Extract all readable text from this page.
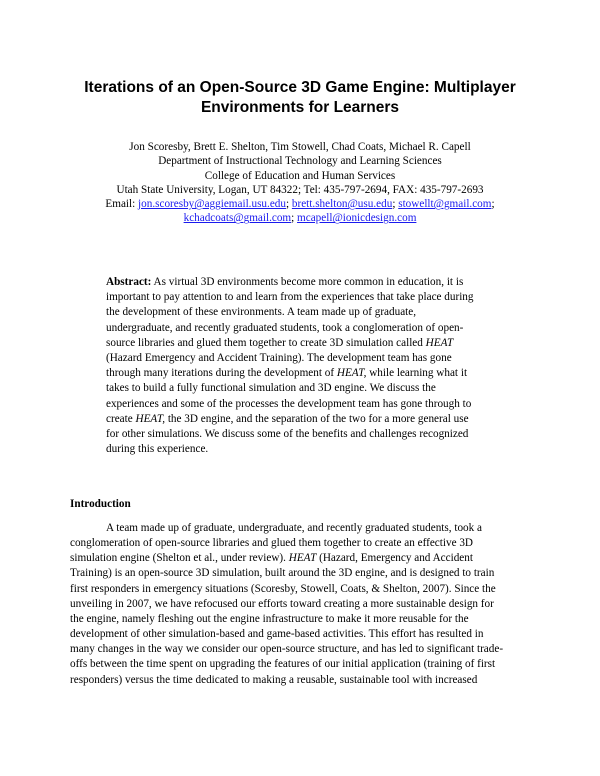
Iterations of an Open-Source 3D Game Engine: Multiplayer
Environments for Learners
Jon Scoresby, Brett E. Shelton, Tim Stowell, Chad Coats, Michael R. Capell
Department of Instructional Technology and Learning Sciences
College of Education and Human Services
Utah State University, Logan, UT 84322; Tel: 435-797-2694, FAX: 435-797-2693
Email: jon.scoresby@aggiemail.usu.edu; brett.shelton@usu.edu; stowellt@gmail.com;
kchadcoats@gmail.com; mcapell@ionicdesign.com
Abstract: As virtual 3D environments become more common in education, it is
important to pay attention to and learn from the experiences that take place during
the development of these environments. A team made up of graduate,
undergraduate, and recently graduated students, took a conglomeration of open-
source libraries and glued them together to create 3D simulation called HEAT
(Hazard Emergency and Accident Training). The development team has gone
through many iterations during the development of HEAT, while learning what it
takes to build a fully functional simulation and 3D engine. We discuss the
experiences and some of the processes the development team has gone through to
create HEAT, the 3D engine, and the separation of the two for a more general use
for other simulations. We discuss some of the benefits and challenges recognized
during this experience.
Introduction
A team made up of graduate, undergraduate, and recently graduated students, took a
conglomeration of open-source libraries and glued them together to create an effective 3D
simulation engine (Shelton et al., under review). HEAT (Hazard, Emergency and Accident
Training) is an open-source 3D simulation, built around the 3D engine, and is designed to train
first responders in emergency situations (Scoresby, Stowell, Coats, & Shelton, 2007). Since the
unveiling in 2007, we have refocused our efforts toward creating a more sustainable design for
the engine, namely fleshing out the engine infrastructure to make it more reusable for the
development of other simulation-based and game-based activities. This effort has resulted in
many changes in the way we consider our open-source structure, and has led to significant trade-
offs between the time spent on upgrading the features of our initial application (training of first
responders) versus the time dedicated to making a reusable, sustainable tool with increased
